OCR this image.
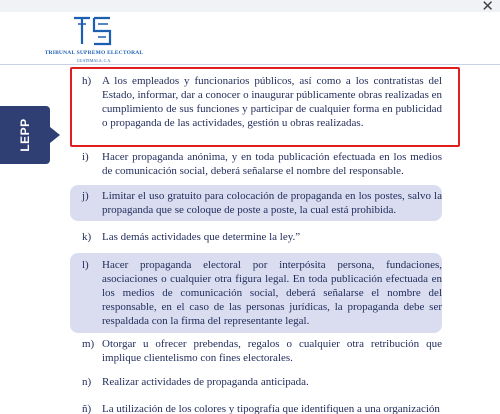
✕
TRIBUNAL SUPREMO ELECTORAL
GUATEMALA, C.A.
LEPP
h) A los empleados y funcionarios públicos, así como a los contratistas del Estado, informar, dar a conocer o inaugurar públicamente obras realizadas en cumplimiento de sus funciones y participar de cualquier forma en publicidad o propaganda de las actividades, gestión u obras realizadas.
i) Hacer propaganda anónima, y en toda publicación efectuada en los medios de comunicación social, deberá señalarse el nombre del responsable.
j) Limitar el uso gratuito para colocación de propaganda en los postes, salvo la propaganda que se coloque de poste a poste, la cual está prohibida.
k) Las demás actividades que determine la ley.”
l) Hacer propaganda electoral por interpósita persona, fundaciones, asociaciones o cualquier otra figura legal. En toda publicación efectuada en los medios de comunicación social, deberá señalarse el nombre del responsable, en el caso de las personas jurídicas, la propaganda debe ser respaldada con la firma del representante legal.
m) Otorgar u ofrecer prebendas, regalos o cualquier otra retribución que implique clientelismo con fines electorales.
n) Realizar actividades de propaganda anticipada.
ñ) La utilización de los colores y tipografía que identifiquen a una organización
